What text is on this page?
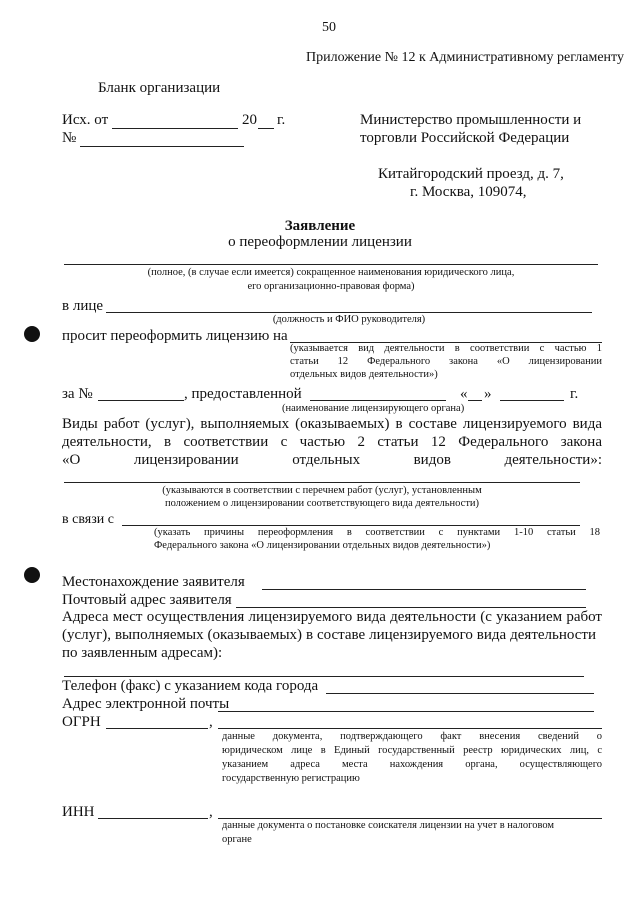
50
Приложение № 12 к Административному регламенту
Бланк организации
Исх. от	20 г.
№
Министерство промышленности и
торговли Российской Федерации
Китайгородский проезд, д. 7,
г. Москва, 109074,
Заявление
о переоформлении лицензии
(полное, (в случае если имеется) сокращенное наименования юридического лица,
его организационно-правовая форма)
в лице
(должность и ФИО руководителя)
просит переоформить лицензию на
(указывается вид деятельности в соответствии с частью 1
статьи 12 Федерального закона «О лицензировании
отдельных видов деятельности»)
за №	, предоставленной	« »	г.
(наименование лицензирующего органа)
Виды работ (услуг), выполняемых (оказываемых) в составе лицензируемого вида
деятельности, в соответствии с частью 2 статьи 12 Федерального закона
«О лицензировании отдельных видов деятельности»:
(указываются в соответствии с перечнем работ (услуг), установленным
положением о лицензировании соответствующего вида деятельности)
в связи с
(указать причины переоформления в соответствии с пунктами 1-10 статьи 18
Федерального закона «О лицензировании отдельных видов деятельности»)
Местонахождение заявителя
Почтовый адрес заявителя
Адреса мест осуществления лицензируемого вида деятельности (с указанием работ
(услуг), выполняемых (оказываемых) в составе лицензируемого вида деятельности
по заявленным адресам):
Телефон (факс) с указанием кода города
Адрес электронной почты
ОГРН	,
данные документа, подтверждающего факт внесения сведений о
юридическом лице в Единый государственный реестр юридических лиц, с
указанием адреса места нахождения органа, осуществляющего
государственную регистрацию
ИНН	,
данные документа о постановке соискателя лицензии на учет в налоговом
органе
